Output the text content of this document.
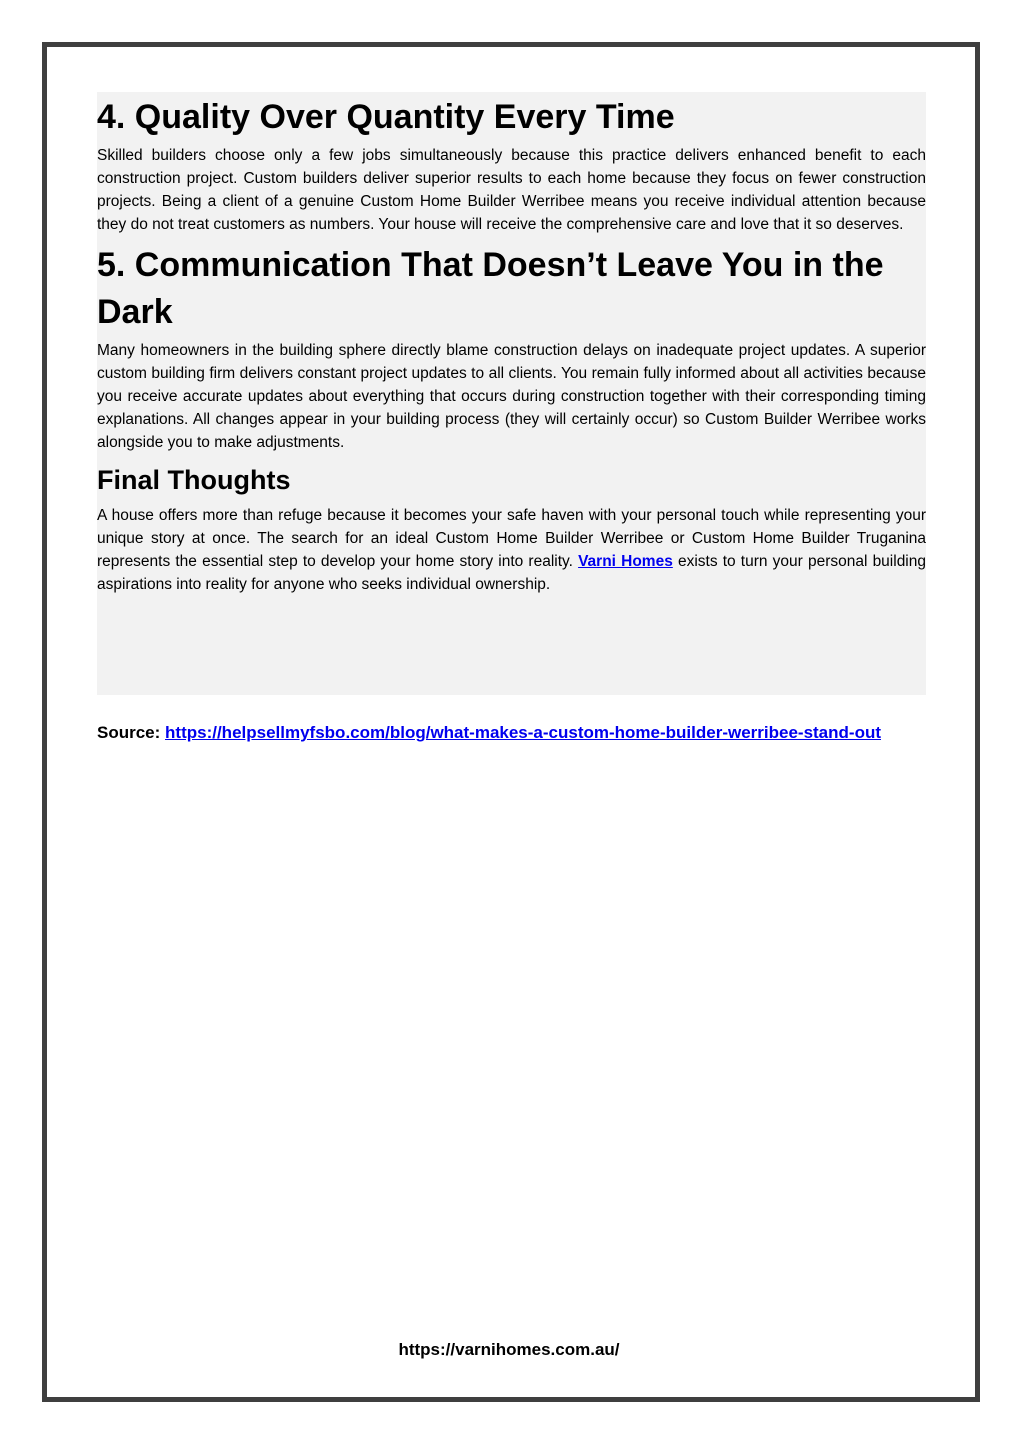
4. Quality Over Quantity Every Time

Skilled builders choose only a few jobs simultaneously because this practice delivers enhanced benefit to each construction project. Custom builders deliver superior results to each home because they focus on fewer construction projects. Being a client of a genuine Custom Home Builder Werribee means you receive individual attention because they do not treat customers as numbers. Your house will receive the comprehensive care and love that it so deserves.

5. Communication That Doesn’t Leave You in the Dark

Many homeowners in the building sphere directly blame construction delays on inadequate project updates. A superior custom building firm delivers constant project updates to all clients. You remain fully informed about all activities because you receive accurate updates about everything that occurs during construction together with their corresponding timing explanations. All changes appear in your building process (they will certainly occur) so Custom Builder Werribee works alongside you to make adjustments.

Final Thoughts

A house offers more than refuge because it becomes your safe haven with your personal touch while representing your unique story at once. The search for an ideal Custom Home Builder Werribee or Custom Home Builder Truganina represents the essential step to develop your home story into reality. Varni Homes exists to turn your personal building aspirations into reality for anyone who seeks individual ownership.

Source: https://helpsellmyfsbo.com/blog/what-makes-a-custom-home-builder-werribee-stand-out
https://varnihomes.com.au/
